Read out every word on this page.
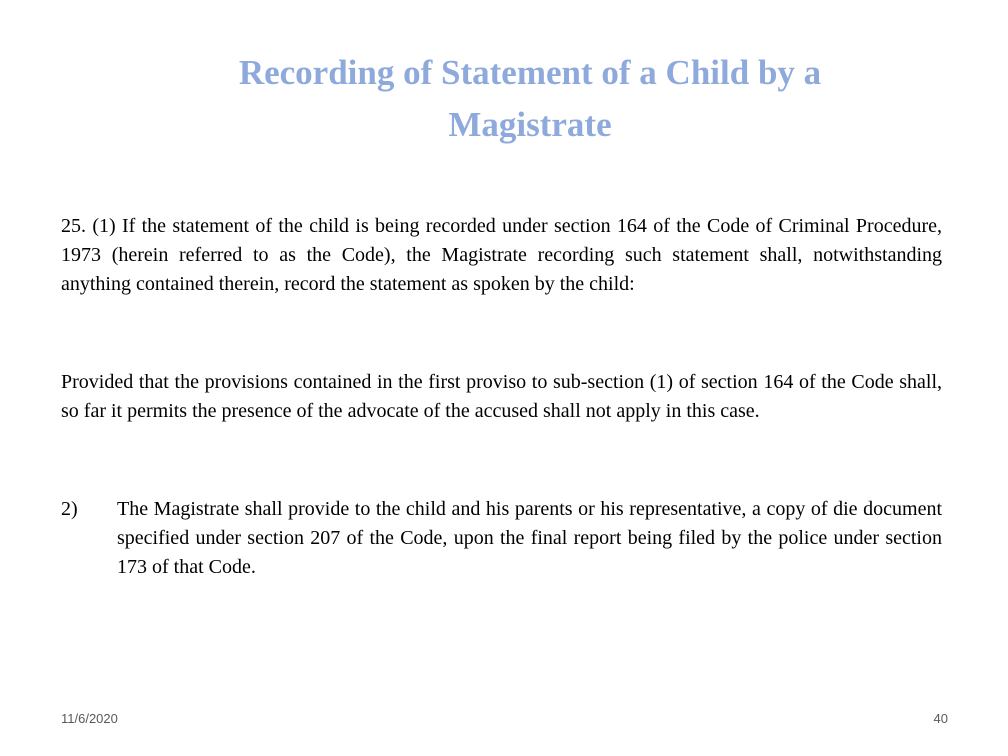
Recording of Statement of a Child by a
Magistrate

25. (1) If the statement of the child is being recorded under section 164 of the Code of Criminal Procedure, 1973 (herein referred to as the Code), the Magistrate recording such statement shall, notwithstanding anything contained therein, record the statement as spoken by the child:

Provided that the provisions contained in the first proviso to sub-section (1) of section 164 of the Code shall, so far it permits the presence of the advocate of the accused shall not apply in this case.

2)	The Magistrate shall provide to the child and his parents or his representative, a copy of die document specified under section 207 of the Code, upon the final report being filed by the police under section 173 of that Code.
11/6/2020	40
